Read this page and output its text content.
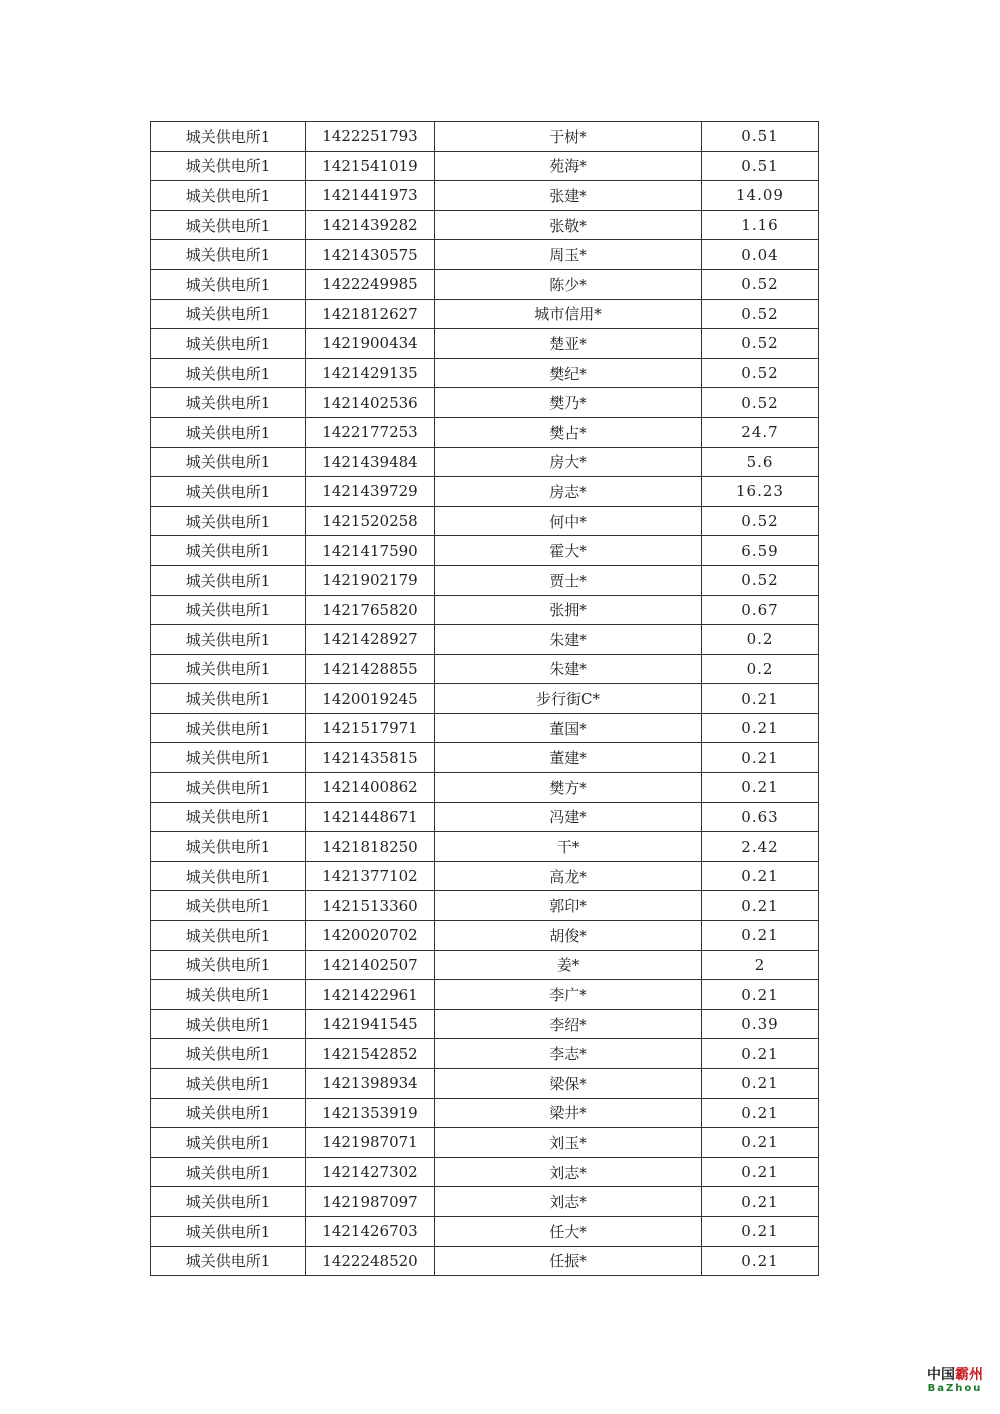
城关供电所1	1422251793	于树*	0.51
城关供电所1	1421541019	苑海*	0.51
城关供电所1	1421441973	张建*	14.09
城关供电所1	1421439282	张敬*	1.16
城关供电所1	1421430575	周玉*	0.04
城关供电所1	1422249985	陈少*	0.52
城关供电所1	1421812627	城市信用*	0.52
城关供电所1	1421900434	楚亚*	0.52
城关供电所1	1421429135	樊纪*	0.52
城关供电所1	1421402536	樊乃*	0.52
城关供电所1	1422177253	樊占*	24.7
城关供电所1	1421439484	房大*	5.6
城关供电所1	1421439729	房志*	16.23
城关供电所1	1421520258	何中*	0.52
城关供电所1	1421417590	霍大*	6.59
城关供电所1	1421902179	贾士*	0.52
城关供电所1	1421765820	张拥*	0.67
城关供电所1	1421428927	朱建*	0.2
城关供电所1	1421428855	朱建*	0.2
城关供电所1	1420019245	步行街C*	0.21
城关供电所1	1421517971	董国*	0.21
城关供电所1	1421435815	董建*	0.21
城关供电所1	1421400862	樊方*	0.21
城关供电所1	1421448671	冯建*	0.63
城关供电所1	1421818250	干*	2.42
城关供电所1	1421377102	高龙*	0.21
城关供电所1	1421513360	郭印*	0.21
城关供电所1	1420020702	胡俊*	0.21
城关供电所1	1421402507	姜*	2
城关供电所1	1421422961	李广*	0.21
城关供电所1	1421941545	李绍*	0.39
城关供电所1	1421542852	李志*	0.21
城关供电所1	1421398934	梁保*	0.21
城关供电所1	1421353919	梁井*	0.21
城关供电所1	1421987071	刘玉*	0.21
城关供电所1	1421427302	刘志*	0.21
城关供电所1	1421987097	刘志*	0.21
城关供电所1	1421426703	任大*	0.21
城关供电所1	1422248520	任振*	0.21
中国霸州
BaZhou
